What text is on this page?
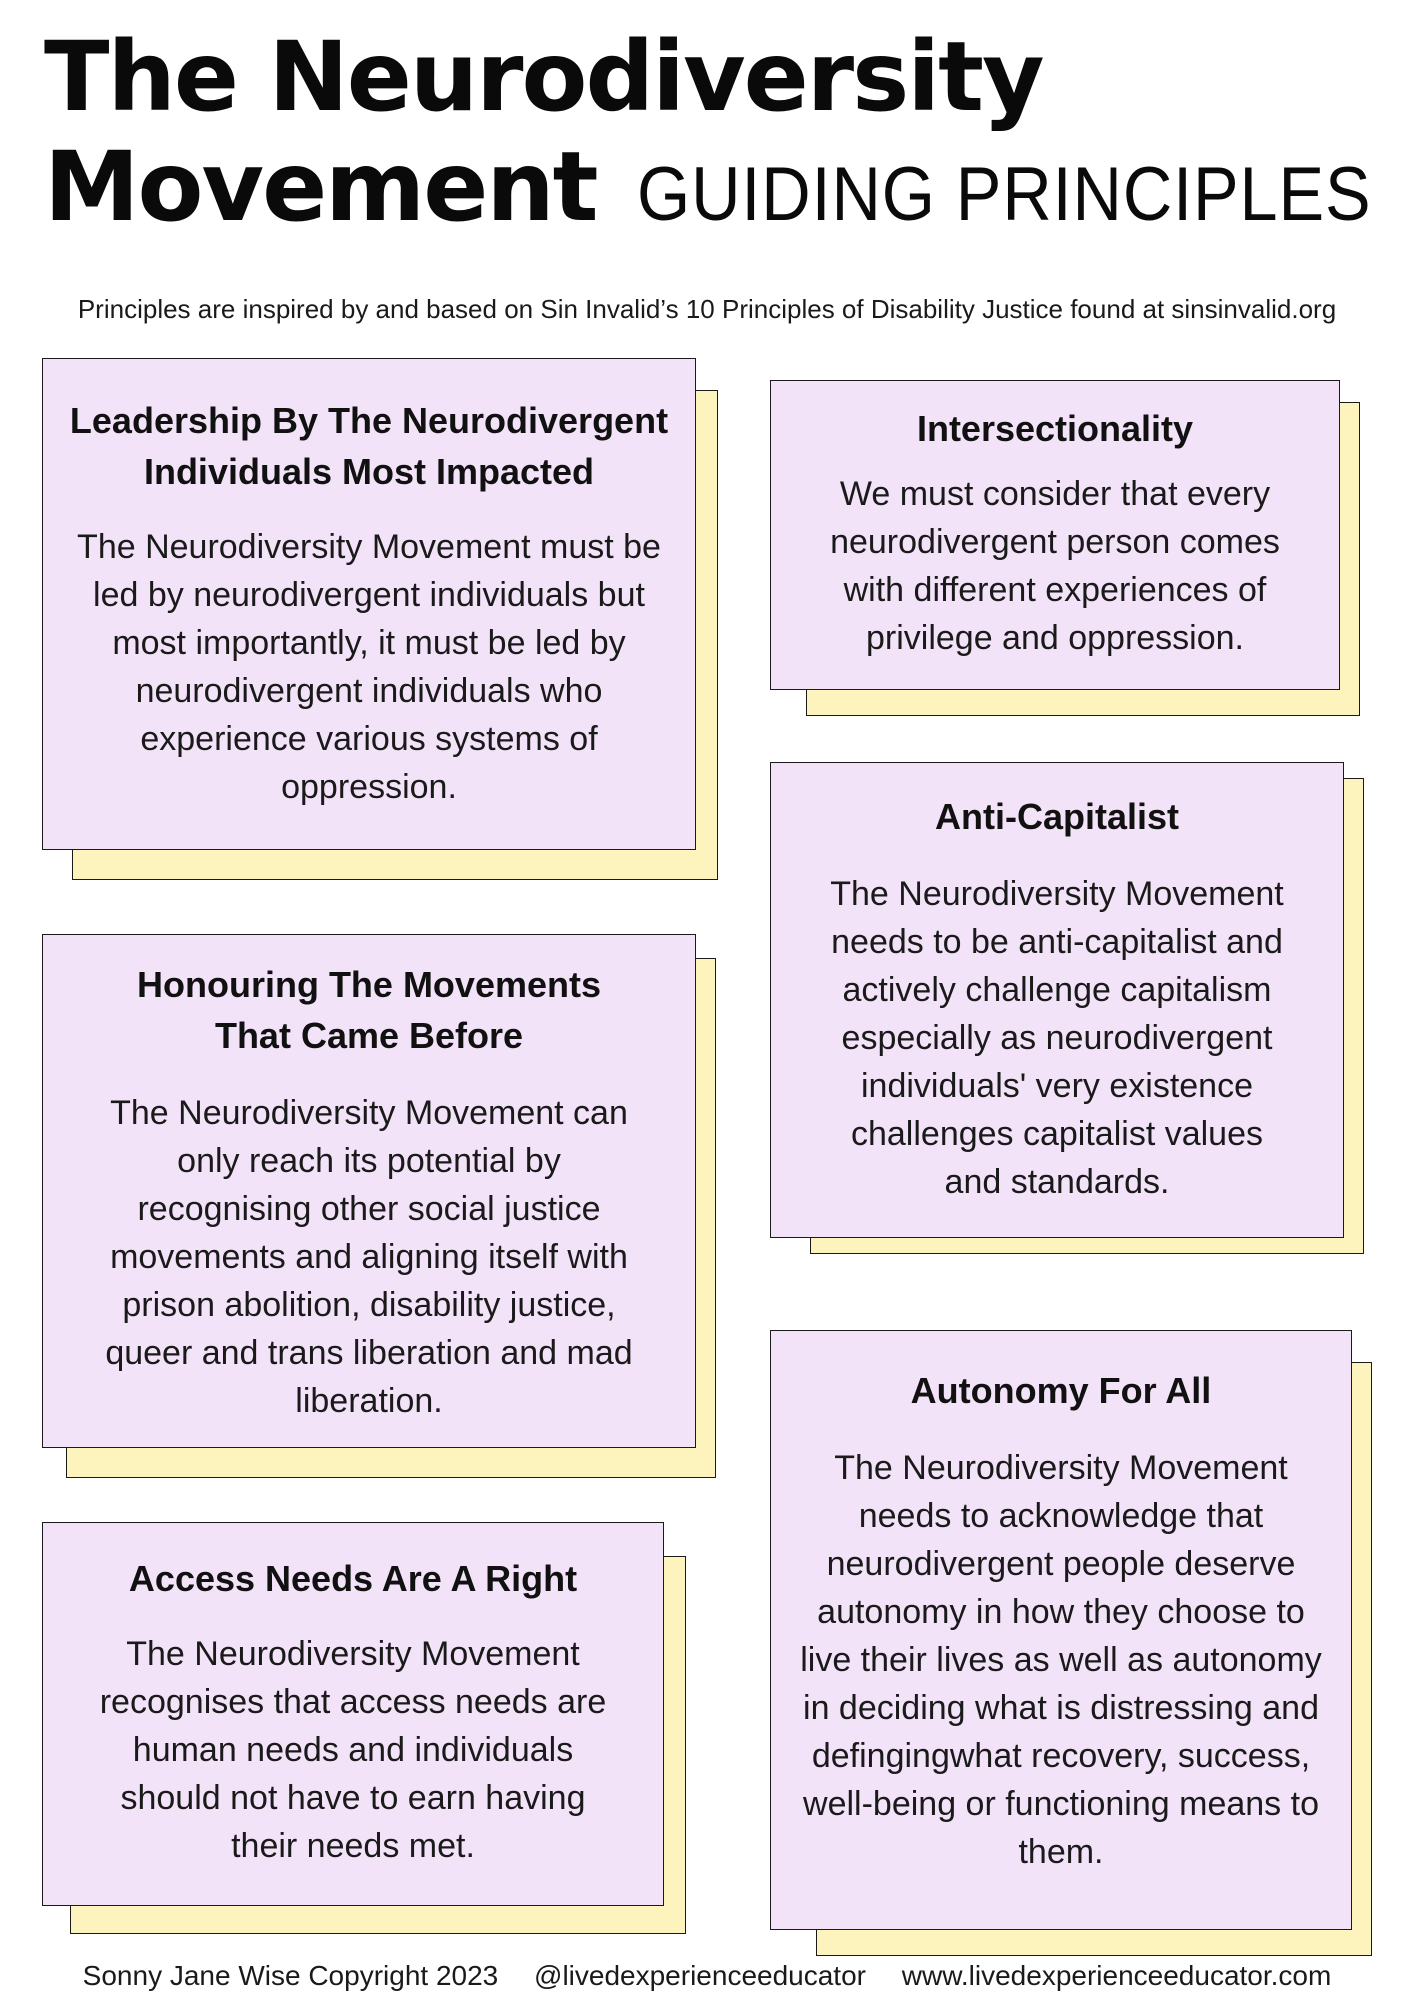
The Neurodiversity
Movement GUIDING PRINCIPLES
Principles are inspired by and based on Sin Invalid’s 10 Principles of Disability Justice found at sinsinvalid.org
Leadership By The Neurodivergent Individuals Most Impacted

The Neurodiversity Movement must be led by neurodivergent individuals but most importantly, it must be led by neurodivergent individuals who experience various systems of oppression.

Intersectionality

We must consider that every neurodivergent person comes with different experiences of privilege and oppression.

Anti-Capitalist

The Neurodiversity Movement needs to be anti-capitalist and actively challenge capitalism especially as neurodivergent individuals' very existence challenges capitalist values and standards.

Honouring The Movements That Came Before

The Neurodiversity Movement can only reach its potential by recognising other social justice movements and aligning itself with prison abolition, disability justice, queer and trans liberation and mad liberation.	Autonomy For All

The Neurodiversity Movement needs to acknowledge that neurodivergent people deserve autonomy in how they choose to live their lives as well as autonomy in deciding what is distressing and defingingwhat recovery, success, well-being or functioning means to them.

Access Needs Are A Right

The Neurodiversity Movement recognises that access needs are human needs and individuals should not have to earn having their needs met.

Sonny Jane Wise Copyright 2023 @livedexperienceeducator www.livedexperienceeducator.com
